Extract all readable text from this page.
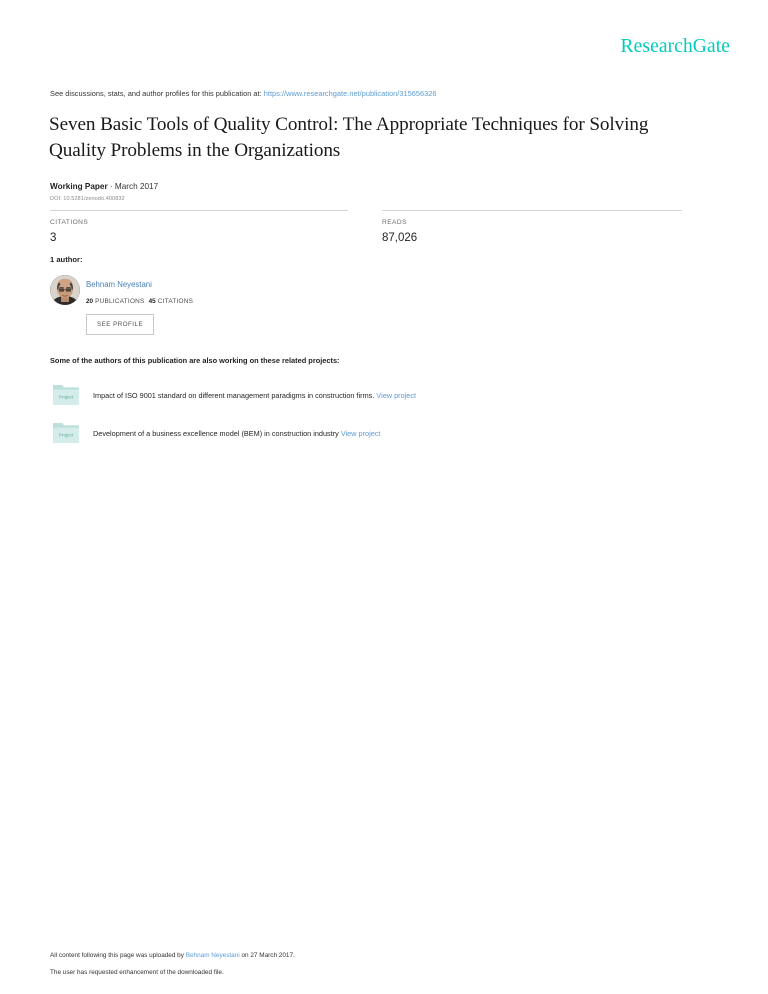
ResearchGate
See discussions, stats, and author profiles for this publication at: https://www.researchgate.net/publication/315656326
Seven Basic Tools of Quality Control: The Appropriate Techniques for Solving Quality Problems in the Organizations
Working Paper · March 2017
DOI: 10.5281/zenodo.400832
CITATIONS
3
READS
87,026
1 author:
Behnam Neyestani
20 PUBLICATIONS 45 CITATIONS
SEE PROFILE
Some of the authors of this publication are also working on these related projects:
Project	Impact of ISO 9001 standard on different management paradigms in construction firms. View project
Project	Development of a business excellence model (BEM) in construction industry View project
All content following this page was uploaded by Behnam Neyestani on 27 March 2017.
The user has requested enhancement of the downloaded file.
